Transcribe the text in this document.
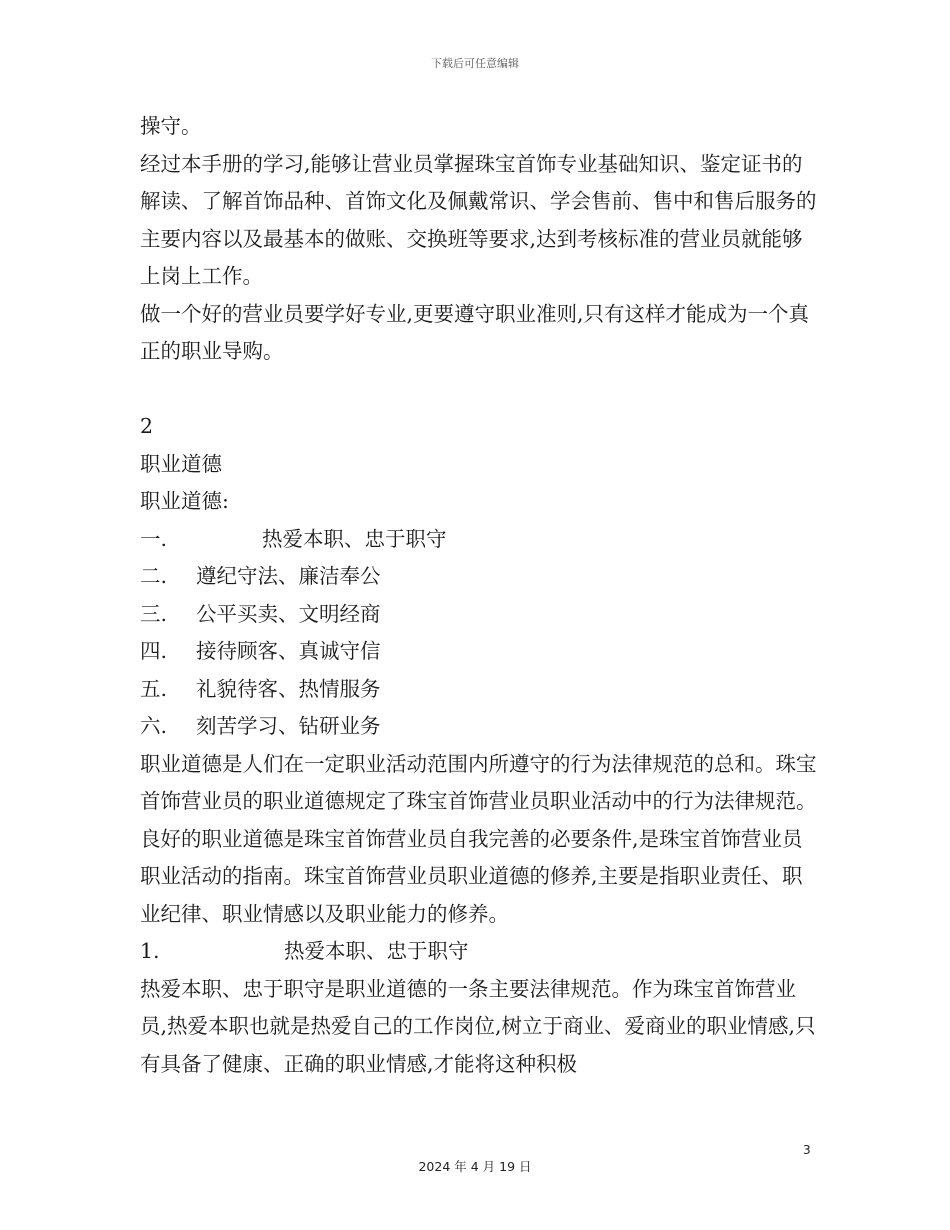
下载后可任意编辑

操守。

经过本手册的学习,能够让营业员掌握珠宝首饰专业基础知识、鉴定证书的解读、了解首饰品种、首饰文化及佩戴常识、学会售前、售中和售后服务的主要内容以及最基本的做账、交换班等要求,达到考核标准的营业员就能够上岗上工作。

做一个好的营业员要学好专业,更要遵守职业准则,只有这样才能成为一个真正的职业导购。

2

职业道德

职业道德:

一.	热爱本职、忠于职守
二.	遵纪守法、廉洁奉公
三.	公平买卖、文明经商
四.	接待顾客、真诚守信
五.	礼貌待客、热情服务
六.	刻苦学习、钻研业务

职业道德是人们在一定职业活动范围内所遵守的行为法律规范的总和。珠宝首饰营业员的职业道德规定了珠宝首饰营业员职业活动中的行为法律规范。良好的职业道德是珠宝首饰营业员自我完善的必要条件,是珠宝首饰营业员职业活动的指南。珠宝首饰营业员职业道德的修养,主要是指职业责任、职业纪律、职业情感以及职业能力的修养。

1.	热爱本职、忠于职守

热爱本职、忠于职守是职业道德的一条主要法律规范。作为珠宝首饰营业员,热爱本职也就是热爱自己的工作岗位,树立于商业、爱商业的职业情感,只有具备了健康、正确的职业情感,才能将这种积极

3
2024 年 4 月 19 日
